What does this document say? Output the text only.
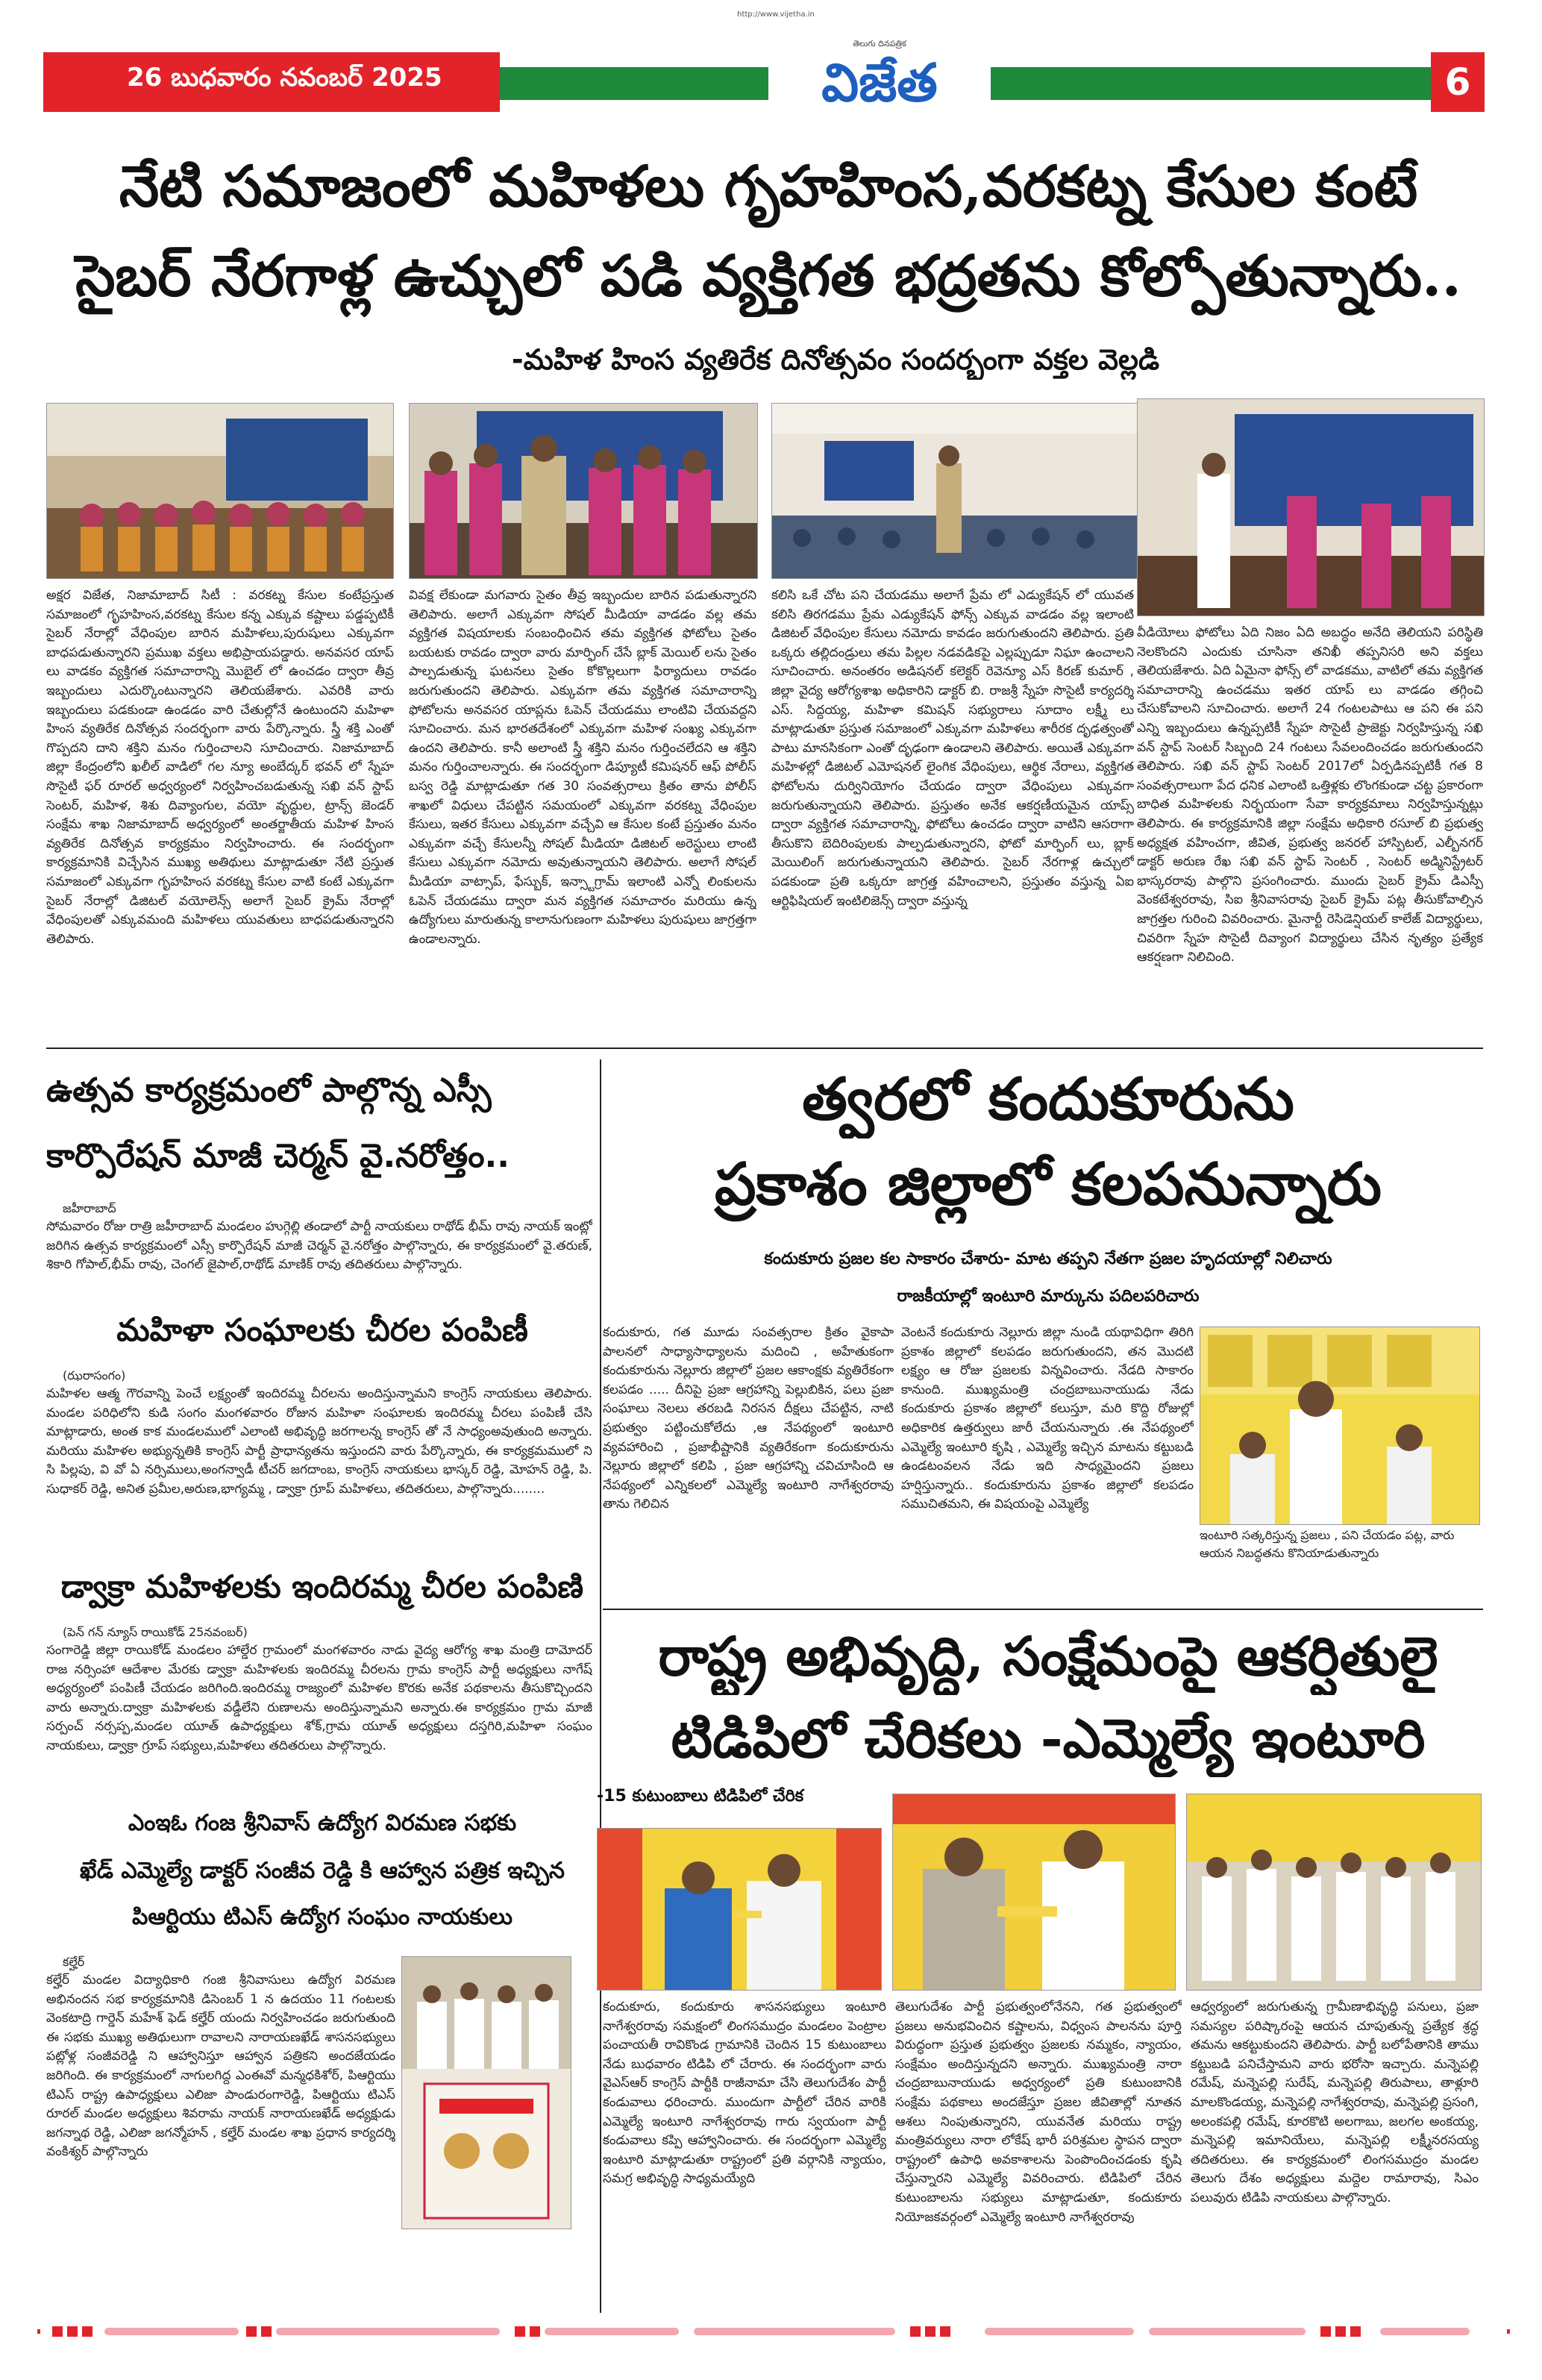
http://www.vijetha.in
26 బుధవారం నవంబర్ 2025
తెలుగు దినపత్రిక
విజేత	6
నేటి సమాజంలో మహిళలు గృహహింస,వరకట్న కేసుల కంటే
సైబర్ నేరగాళ్ల ఉచ్చులో పడి వ్యక్తిగత భద్రతను కోల్పోతున్నారు..
-మహిళ హింస వ్యతిరేక దినోత్సవం సందర్భంగా వక్తల వెల్లడి
అక్షర విజేత, నిజామాబాద్ సిటీ : వరకట్న కేసుల కంటేప్రస్తుత సమాజంలో గృహహింస,వరకట్న కేసుల కన్న ఎక్కువ కష్టాలు పడ్డప్పటికీ సైబర్ నేరాల్లో వేధింపుల బారిన మహిళలు,పురుషులు ఎక్కువగా బాధపడుతున్నారని ప్రముఖ వక్తలు అభిప్రాయపడ్డారు. అనవసర యాప్ లు వాడకం వ్యక్తిగత సమాచారాన్ని మొబైల్ లో ఉంచడం ద్వారా తీవ్ర ఇబ్బందులు ఎదుర్కొంటున్నారని తెలియజేశారు. ఎవరికి వారు ఇబ్బందులు పడకుండా ఉండడం వారి చేతుల్లోనే ఉంటుందని మహిళా హింస వ్యతిరేక దినోత్సవ సందర్భంగా వారు పేర్కొన్నారు. స్త్రీ శక్తి ఎంతో గొప్పదని దాని శక్తిని మనం గుర్తించాలని సూచించారు. నిజామాబాద్ జిల్లా కేంద్రంలోని ఖలీల్ వాడిలో గల న్యూ అంబేద్కర్ భవన్ లో స్నేహ సొసైటీ ఫర్ రూరల్ అధ్వర్యంలో నిర్వహించబడుతున్న సఖి వన్ స్టాప్ సెంటర్, మహిళ, శిశు దివ్యాంగుల, వయో వృద్ధుల, ట్రాన్స్ జెండర్ సంక్షేమ శాఖ నిజామాబాద్ అధ్వర్యంలో అంతర్జాతీయ మహిళ హింస వ్యతిరేక దినోత్సవ కార్యక్రమం నిర్వహించారు. ఈ సందర్భంగా కార్యక్రమానికి విచ్చేసిన ముఖ్య అతిథులు మాట్లాడుతూ నేటి ప్రస్తుత సమాజంలో ఎక్కువగా గృహహింస వరకట్న కేసుల వాటి కంటే ఎక్కువగా సైబర్ నేరాల్లో డిజిటల్ వయోలెన్స్ అలాగే సైబర్ క్రైమ్ నేరాల్లో వేధింపులతో ఎక్కువమంది మహిళలు యువతులు బాధపడుతున్నారని తెలిపారు.
వివక్ష లేకుండా మగవారు సైతం తీవ్ర ఇబ్బందుల బారిన పడుతున్నారని తెలిపారు. అలాగే ఎక్కువగా సోషల్ మీడియా వాడడం వల్ల తమ వ్యక్తిగత విషయాలకు సంబంధించిన తమ వ్యక్తిగత ఫోటోలు సైతం బయటకు రావడం ద్వారా వారు మార్ఫింగ్ చేసే బ్లాక్ మెయిల్ లను సైతం పాల్పడుతున్న ఘటనలు సైతం కోకొల్లలుగా ఫిర్యాదులు రావడం జరుగుతుందని తెలిపారు. ఎక్కువగా తమ వ్యక్తిగత సమాచారాన్ని ఫోటోలను అనవసర యాప్లను ఓపెన్ చేయడము లాంటివి చేయవద్దని సూచించారు. మన భారతదేశంలో ఎక్కువగా మహిళ సంఖ్య ఎక్కువగా ఉందని తెలిపారు. కానీ అలాంటి స్త్రీ శక్తిని మనం గుర్తించలేదని ఆ శక్తిని మనం గుర్తించాలన్నారు. ఈ సందర్భంగా డిప్యూటీ కమిషనర్ ఆఫ్ పోలీస్ బస్వ రెడ్డి మాట్లాడుతూ గత 30 సంవత్సరాలు క్రితం తాను పోలీస్ శాఖలో విధులు చేపట్టిన సమయంలో ఎక్కువగా వరకట్న వేధింపుల కేసులు, ఇతర కేసులు ఎక్కువగా వచ్చేవి ఆ కేసుల కంటే ప్రస్తుతం మనం ఎక్కువగా వచ్చే కేసులన్నీ సోషల్ మీడియా డిజిటల్ అరెస్టులు లాంటి కేసులు ఎక్కువగా నమోదు అవుతున్నాయని తెలిపారు. అలాగే సోషల్ మీడియా వాట్సాప్, ఫేస్బుక్, ఇన్స్టాగ్రామ్ ఇలాంటి ఎన్నో లింకులను ఓపెన్ చేయడము ద్వారా మన వ్యక్తిగత సమాచారం మరియు ఉన్న ఉద్యోగులు మారుతున్న కాలానుగుణంగా మహిళలు పురుషులు జాగ్రత్తగా ఉండాలన్నారు.
కలిసి ఒకే చోట పని చేయడము అలాగే ప్రేమ లో ఎడ్యుకేషన్ లో యువత కలిసి తిరగడము ప్రేమ ఎడ్యుకేషన్ ఫోన్స్ ఎక్కువ వాడడం వల్ల ఇలాంటి డిజిటల్ వేధింపుల కేసులు నమోదు కావడం జరుగుతుందని తెలిపారు. ప్రతి ఒక్కరు తల్లిదండ్రులు తమ పిల్లల నడవడికపై ఎల్లప్పుడూ నిఘా ఉంచాలని సూచించారు. అనంతరం అడిషనల్ కలెక్టర్ రెవెన్యూ ఎస్ కిరణ్ కుమార్ , జిల్లా వైద్య ఆరోగ్యశాఖ అధికారిని డాక్టర్ బి. రాజశ్రీ స్నేహ సొసైటీ కార్యదర్శి ఎస్. సిద్దయ్య, మహిళా కమిషన్ సభ్యురాలు సూదాం లక్ష్మీ లు మాట్లాడుతూ ప్రస్తుత సమాజంలో ఎక్కువగా మహిళలు శారీరక దృఢత్వంతో పాటు మానసికంగా ఎంతో దృఢంగా ఉండాలని తెలిపారు. అయితే ఎక్కువగా మహిళల్లో డిజిటల్ ఎమోషనల్ లైంగిక వేధింపులు, ఆర్థిక నేరాలు, వ్యక్తిగత ఫోటోలను దుర్వినియోగం చేయడం ద్వారా వేధింపులు ఎక్కువగా జరుగుతున్నాయని తెలిపారు. ప్రస్తుతం అనేక ఆకర్షణీయమైన యాప్స్ ద్వారా వ్యక్తిగత సమాచారాన్ని, ఫోటోలు ఉంచడం ద్వారా వాటిని ఆసరాగా తీసుకొని బెదిరింపులకు పాల్పడుతున్నారని, ఫోటో మార్ఫింగ్ లు, బ్లాక్ మెయిలింగ్ జరుగుతున్నాయని తెలిపారు. సైబర్ నేరగాళ్ల ఉచ్చులో పడకుండా ప్రతి ఒక్కరూ జాగ్రత్త వహించాలని, ప్రస్తుతం వస్తున్న ఏఐ ఆర్టిఫిషియల్ ఇంటిలిజెన్స్ ద్వారా వస్తున్న
వీడియోలు ఫోటోలు ఏది నిజం ఏది అబద్ధం అనేది తెలియని పరిస్థితి నెలకొందని ఎందుకు చూసినా తనిఖీ తప్పనిసరి అని వక్తలు తెలియజేశారు. ఏది ఏమైనా ఫోన్స్ లో వాడకము, వాటిలో తమ వ్యక్తిగత సమాచారాన్ని ఉంచడము ఇతర యాప్ లు వాడడం తగ్గించి చేసుకోవాలని సూచించారు. అలాగే 24 గంటలపాటు ఆ పని ఈ పని ఎన్ని ఇబ్బందులు ఉన్నప్పటికీ స్నేహ సొసైటీ ప్రాజెక్టు నిర్వహిస్తున్న సఖి వన్ స్టాప్ సెంటర్ సిబ్బంది 24 గంటలు సేవలందించడం జరుగుతుందని తెలిపారు. సఖి వన్ స్టాప్ సెంటర్ 2017లో ఏర్పడినప్పటికీ గత 8 సంవత్సరాలుగా పేద ధనిక ఎలాంటి ఒత్తిళ్లకు లొంగకుండా చట్ట ప్రకారంగా బాధిత మహిళలకు నిర్భయంగా సేవా కార్యక్రమాలు నిర్వహిస్తున్నట్లు తెలిపారు. ఈ కార్యక్రమానికి జిల్లా సంక్షేమ అధికారి రసూల్ బి ప్రభుత్వ అధ్యక్షత వహించగా, జీవిత, ప్రభుత్వ జనరల్ హాస్పిటల్, ఎల్బీనగర్ డాక్టర్ అరుణ రేఖ సఖి వన్ స్టాప్ సెంటర్ , సెంటర్ అడ్మినిస్ట్రేటర్ భాస్కరరావు పాల్గొని ప్రసంగించారు. ముందు సైబర్ క్రైమ్ డిఎస్పీ వెంకటేశ్వరరావు, సిఐ శ్రీనివాసరావు సైబర్ క్రైమ్ పట్ల తీసుకోవాల్సిన జాగ్రత్తల గురించి వివరించారు. మైనార్టీ రెసిడెన్షియల్ కాలేజ్ విద్యార్థులు, చివరిగా స్నేహ సొసైటీ దివ్యాంగ విద్యార్థులు చేసిన నృత్యం ప్రత్యేక ఆకర్షణగా నిలిచింది.
ఉత్సవ కార్యక్రమంలో పాల్గొన్న ఎస్సీ
కార్పొరేషన్ మాజీ చెర్మన్ వై.నరోత్తం..
జహీరాబాద్
సోమవారం రోజు రాత్రి జహీరాబాద్ మండలం హుగ్గెల్లి తండాలో పార్టీ నాయకులు రాథోడ్ భీమ్ రావు నాయక్ ఇంట్లో జరిగిన ఉత్సవ కార్యక్రమంలో ఎస్సీ కార్పొరేషన్ మాజీ చెర్మన్ వై.నరోత్తం పాల్గొన్నారు, ఈ కార్యక్రమంలో వై.తరుణ్, శికారి గోపాల్,భీమ్ రావు, చెంగల్ జైపాల్,రాథోడ్ మాణిక్ రావు తదితరులు పాల్గొన్నారు.
మహిళా సంఘాలకు చీరల పంపిణీ
(ఝరాసంగం)
మహిళల ఆత్మ గౌరవాన్ని పెంచే లక్ష్యంతో ఇందిరమ్మ చీరలను అందిస్తున్నామని కాంగ్రెస్ నాయకులు తెలిపారు. మండల పరిధిలోని కుడి సంగం మంగళవారం రోజున మహిళా సంఘాలకు ఇందిరమ్మ చీరలు పంపిణీ చేసి మాట్లాడారు, అంత కాక మండలములో ఎలాంటి అభివృద్ధి జరగాలన్న కాంగ్రెస్ తో నే సాధ్యంఅవుతుంది అన్నారు. మరియు మహిళల అభ్యున్నతికి కాంగ్రెస్ పార్టీ ప్రాధాన్యతను ఇస్తుందని వారు పేర్కొన్నారు, ఈ కార్యక్రమములో ని సి పిల్లపు, వి వో ఏ నర్సిములు,అంగన్వాడీ టీచర్ జగదాంబ, కాంగ్రెస్ నాయకులు భాస్కర్ రెడ్డి, మోహన్ రెడ్డి, పి. సుధాకర్ రెడ్డి, అనిత ప్రమీల,అరుణ,భాగ్యమ్మ , డ్వాక్రా గ్రూప్ మహిళలు, తదితరులు, పాల్గొన్నారు........
డ్వాక్రా మహిళలకు ఇందిరమ్మ చీరల పంపిణి
(పెన్ గన్ న్యూస్ రాయికోడ్ 25నవంబర్)
సంగారెడ్డి జిల్లా రాయికోడ్ మండలం హాల్డేర గ్రామంలో మంగళవారం నాడు వైద్య ఆరోగ్య శాఖ మంత్రి దామోదర్ రాజ నర్సింహా ఆదేశాల మేరకు డ్వాక్రా మహిళలకు ఇందిరమ్మ చీరలను గ్రామ కాంగ్రెస్ పార్టీ అధ్యక్షులు నాగేష్ అధ్యర్యంలో పంపిణీ చేయడం జరిగింది.ఇందిరమ్మ రాజ్యంలో మహిళల కొరకు అనేక పథకాలను తీసుకొచ్చిందని వారు అన్నారు.ద్వాక్రా మహిళలకు వడ్డీలేని రుణాలను అందిస్తున్నామని అన్నారు.ఈ కార్యక్రమం గ్రామ మాజీ సర్పంచ్ నర్సప్ప,మండల యూత్ ఉపాధ్యక్షులు శోక్,గ్రామ యూత్ అధ్యక్షులు దస్తగిరి,మహిళా సంఘం నాయకులు, డ్వాక్రా గ్రూప్ సభ్యులు,మహిళలు తదితరులు పాల్గొన్నారు.
ఎంఇఓ గంజ శ్రీనివాస్ ఉద్యోగ విరమణ సభకు
ఖేడ్ ఎమ్మెల్యే డాక్టర్ సంజీవ రెడ్డి కి ఆహ్వాన పత్రిక ఇచ్చిన
పిఆర్టియు టిఎస్ ఉద్యోగ సంఘం నాయకులు
కల్హేర్
కల్హేర్ మండల విద్యాధికారి గంజి శ్రీనివాసులు ఉద్యోగ విరమణ అభినందన సభ కార్యక్రమానికి డిసెంబర్ 1 న ఉదయం 11 గంటలకు వెంకటాద్రి గార్డెన్ మహేశ్ ఫెడ్ కల్హేర్ యందు నిర్వహించడం జరుగుతుంది ఈ సభకు ముఖ్య అతిథులుగా రావాలని నారాయణఖేడ్ శాసనసభ్యులు పట్లోళ్ల సంజీవరెడ్డి ని ఆహ్వానిస్తూ ఆహ్వాన పత్రికని అందజేయడం జరిగింది. ఈ కార్యక్రమంలో నాగులగిద్ద ఎంఈవో మన్మధకిశోర్, పిఆర్టియు టిఎస్ రాష్ట్ర ఉపాధ్యక్షులు ఎలిజా పాండురంగారెడ్డి, పిఆర్టియు టిఎస్ రూరల్ మండల అధ్యక్షులు శివరామ నాయక్ నారాయణఖేడ్ అధ్యక్షుడు జగన్నాథ రెడ్డి, ఎలిజా జగన్మోహన్ , కల్హేర్ మండల శాఖ ప్రధాన కార్యదర్శి వంకిశ్యర్ పాల్గొన్నారు
త్వరలో కందుకూరును
ప్రకాశం జిల్లాలో కలపనున్నారు
కందుకూరు ప్రజల కల సాకారం చేశారు- మాట తప్పని నేతగా ప్రజల హృదయాల్లో నిలిచారు
రాజకీయాల్లో ఇంటూరి మార్కును పదిలపరిచారు
కందుకూరు, గత మూడు సంవత్సరాల క్రితం వైకాపా పాలనలో సాధ్యాసాధ్యాలను మదించి , అహేతుకంగా కందుకూరును నెల్లూరు జిల్లాలో ప్రజల ఆకాంక్షకు వ్యతిరేకంగా కలపడం ..... దీనిపై ప్రజా ఆగ్రహాన్ని పెల్లుబికిన, పలు ప్రజా సంఘాలు నెలలు తరబడి నిరసన దీక్షలు చేపట్టిన, నాటి ప్రభుత్వం పట్టించుకోలేదు ,ఆ నేపథ్యంలో ఇంటూరి వ్యవహారించి , ప్రజాభీష్టానికి వ్యతిరేకంగా కందుకూరును నెల్లూరు జిల్లాలో కలిపి , ప్రజా ఆగ్రహాన్ని చవిచూసింది ఆ నేపథ్యంలో ఎన్నికలలో ఎమ్మెల్యే ఇంటూరి నాగేశ్వరరావు తాను గెలిచిన
వెంటనే కందుకూరు నెల్లూరు జిల్లా నుండి యథావిధిగా తిరిగి ప్రకాశం జిల్లాలో కలపడం జరుగుతుందని, తన మొదటి లక్ష్యం ఆ రోజు ప్రజలకు విన్నవించారు. నేడది సాకారం కానుంది. ముఖ్యమంత్రి చంద్రబాబునాయుడు నేడు కందుకూరు ప్రకాశం జిల్లాలో కలుస్తూ, మరి కొద్ది రోజుల్లో అధికారిక ఉత్తర్వులు జారీ చేయనున్నారు .ఈ నేపథ్యంలో ఎమ్మెల్యే ఇంటూరి కృషి , ఎమ్మెల్యే ఇచ్చిన మాటను కట్టుబడి ఉండటంవలన నేడు ఇది సాధ్యమైందని ప్రజలు హర్షిస్తున్నారు.. కందుకూరును ప్రకాశం జిల్లాలో కలపడం సముచితమని, ఈ విషయంపై ఎమ్మెల్యే
ఇంటూరి సత్కరిస్తున్న ప్రజలు , పని చేయడం పట్ల, వారు ఆయన నిబద్ధతను కొనియాడుతున్నారు
రాష్ట్ర అభివృద్ధి, సంక్షేమంపై ఆకర్షితులై
టిడిపిలో చేరికలు -ఎమ్మెల్యే ఇంటూరి
-15 కుటుంబాలు టిడిపిలో చేరిక
కందుకూరు, కందుకూరు శాసనసభ్యులు ఇంటూరి నాగేశ్వరరావు సమక్షంలో లింగసముద్రం మండలం పెంట్రాల పంచాయతీ రావికొండ గ్రామానికి చెందిన 15 కుటుంబాలు నేడు బుధవారం టిడిపి లో చేరారు. ఈ సందర్భంగా వారు వైఎస్ఆర్ కాంగ్రెస్ పార్టీకి రాజీనామా చేసి తెలుగుదేశం పార్టీ కండువాలు ధరించారు. ముందుగా పార్టీలో చేరిన వారికి ఎమ్మెల్యే ఇంటూరి నాగేశ్వరరావు గారు స్వయంగా పార్టీ కండువాలు కప్పి ఆహ్వానించారు. ఈ సందర్భంగా ఎమ్మెల్యే ఇంటూరి మాట్లాడుతూ రాష్ట్రంలో ప్రతి వర్గానికి న్యాయం, సమగ్ర అభివృద్ధి సాధ్యమయ్యేది
తెలుగుదేశం పార్టీ ప్రభుత్వంలోనేనని, గత ప్రభుత్వంలో ప్రజలు అనుభవించిన కష్టాలను, విధ్వంస పాలనను పూర్తి విరుద్ధంగా ప్రస్తుత ప్రభుత్వం ప్రజలకు నమ్మకం, న్యాయం, సంక్షేమం అందిస్తున్నదని అన్నారు. ముఖ్యమంత్రి నారా చంద్రబాబునాయుడు అధ్వర్యంలో ప్రతి కుటుంబానికి సంక్షేమ పథకాలు అందజేస్తూ ప్రజల జీవితాల్లో నూతన ఆశలు నింపుతున్నారని, యువనేత మరియు రాష్ట్ర మంత్రివర్యులు నారా లోకేష్ భారీ పరిశ్రమల స్థాపన ద్వారా రాష్ట్రంలో ఉపాధి అవకాశాలను పెంపొందించడంకు కృషి చేస్తున్నారని ఎమ్మెల్యే వివరించారు. టిడిపిలో చేరిన కుటుంబాలను సభ్యులు మాట్లాడుతూ, కందుకూరు నియోజకవర్గంలో ఎమ్మెల్యే ఇంటూరి నాగేశ్వరరావు
ఆధ్వర్యంలో జరుగుతున్న గ్రామీణాభివృద్ధి పనులు, ప్రజా సమస్యల పరిష్కారంపై ఆయన చూపుతున్న ప్రత్యేక శ్రద్ధ తమను ఆకట్టుకుందని తెలిపారు. పార్టీ బలోపేతానికి తాము కట్టుబడి పనిచేస్తామని వారు భరోసా ఇచ్చారు. మన్నెపల్లి రమేష్, మన్నెపల్లి సురేష్, మన్నెపల్లి తిరుపాలు, తాళ్లూరి మాలకొండయ్య, మన్నెపల్లి నాగేశ్వరరావు, మన్నెపల్లి ప్రసంగి, అలంకపల్లి రమేష్, కూరకొటి అలగాబు, జలగల అంకయ్య, మన్నెపల్లి ఇమానియేలు, మన్నెపల్లి లక్ష్మీనరసయ్య తదితరులు. ఈ కార్యక్రమంలో లింగసముద్రం మండల తెలుగు దేశం అధ్యక్షులు మద్దెల రామారావు, సిఎం పలువురు టిడిపి నాయకులు పాల్గొన్నారు.
